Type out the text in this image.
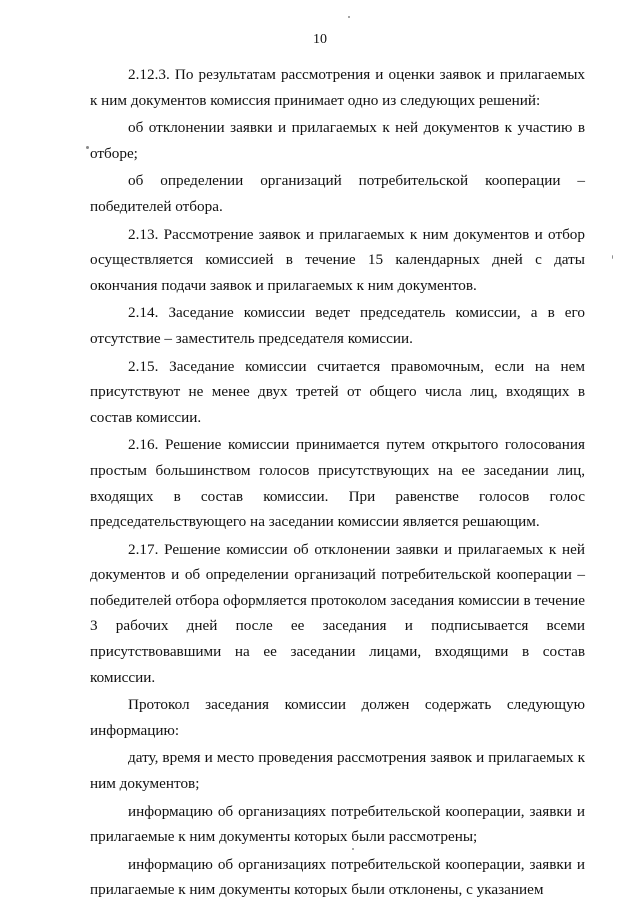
10

2.12.3. По результатам рассмотрения и оценки заявок и прилагаемых к ним документов комиссия принимает одно из следующих решений:

об отклонении заявки и прилагаемых к ней документов к участию в отборе;

об определении организаций потребительской кооперации – победителей отбора.

2.13. Рассмотрение заявок и прилагаемых к ним документов и отбор осуществляется комиссией в течение 15 календарных дней с даты окончания подачи заявок и прилагаемых к ним документов.

2.14. Заседание комиссии ведет председатель комиссии, а в его отсутствие – заместитель председателя комиссии.

2.15. Заседание комиссии считается правомочным, если на нем присутствуют не менее двух третей от общего числа лиц, входящих в состав комиссии.

2.16. Решение комиссии принимается путем открытого голосования простым большинством голосов присутствующих на ее заседании лиц, входящих в состав комиссии. При равенстве голосов голос председательствующего на заседании комиссии является решающим.

2.17. Решение комиссии об отклонении заявки и прилагаемых к ней документов и об определении организаций потребительской кооперации – победителей отбора оформляется протоколом заседания комиссии в течение 3 рабочих дней после ее заседания и подписывается всеми присутствовавшими на ее заседании лицами, входящими в состав комиссии.

Протокол заседания комиссии должен содержать следующую информацию:

дату, время и место проведения рассмотрения заявок и прилагаемых к ним документов;

информацию об организациях потребительской кооперации, заявки и прилагаемые к ним документы которых были рассмотрены;

информацию об организациях потребительской кооперации, заявки и прилагаемые к ним документы которых были отклонены, с указанием
